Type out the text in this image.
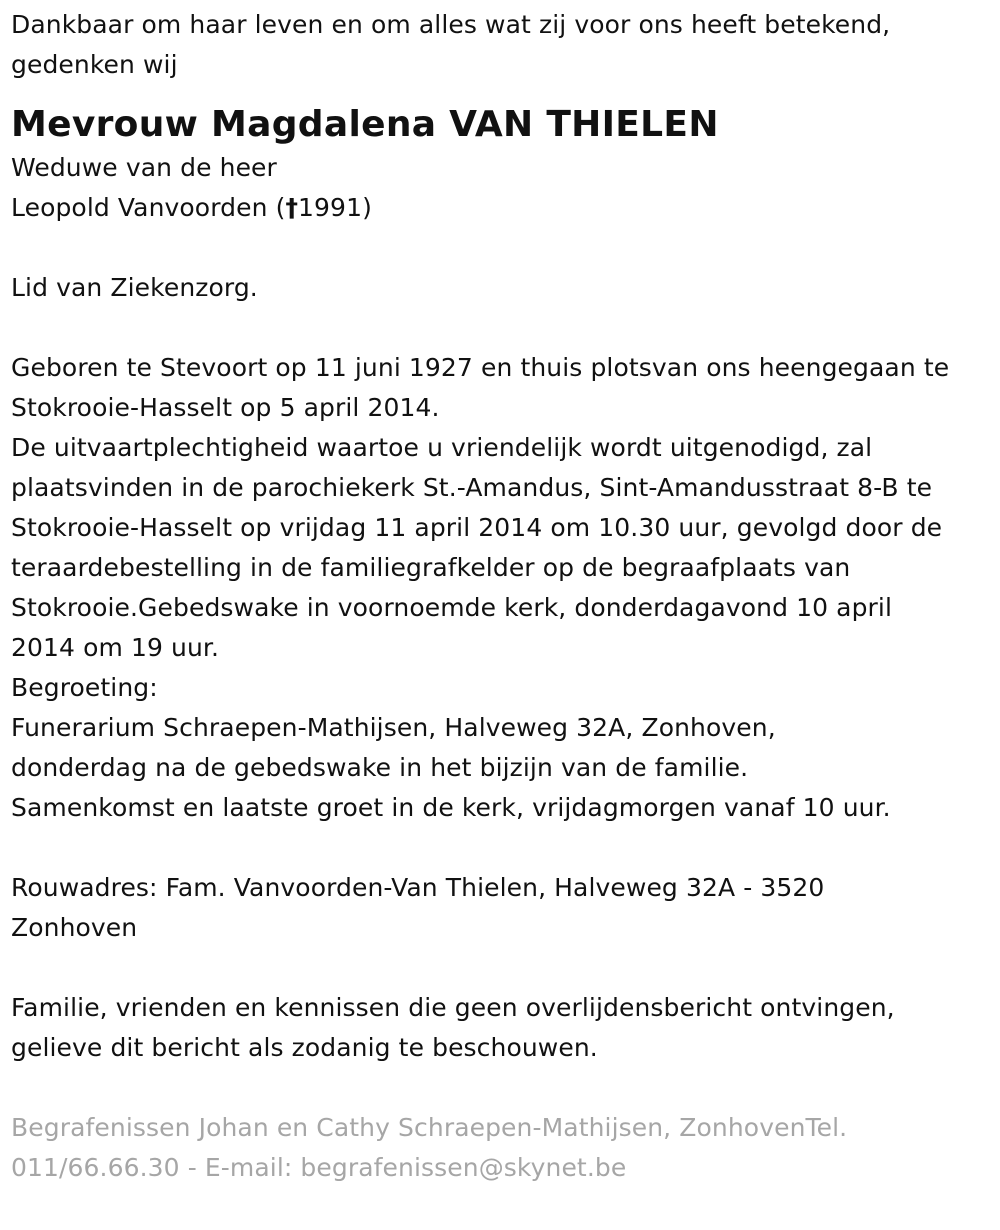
Dankbaar om haar leven en om alles wat zij voor ons heeft betekend,
gedenken wij
Mevrouw Magdalena VAN THIELEN
Weduwe van de heer
Leopold Vanvoorden (†1991)
Lid van Ziekenzorg.
Geboren te Stevoort op 11 juni 1927 en thuis plotsvan ons heengegaan te
Stokrooie-Hasselt op 5 april 2014.
De uitvaartplechtigheid waartoe u vriendelijk wordt uitgenodigd, zal
plaatsvinden in de parochiekerk St.-Amandus, Sint-Amandusstraat 8-B te
Stokrooie-Hasselt op vrijdag 11 april 2014 om 10.30 uur, gevolgd door de
teraardebestelling in de familiegrafkelder op de begraafplaats van
Stokrooie.Gebedswake in voornoemde kerk, donderdagavond 10 april
2014 om 19 uur.
Begroeting:
Funerarium Schraepen-Mathijsen, Halveweg 32A, Zonhoven,
donderdag na de gebedswake in het bijzijn van de familie.
Samenkomst en laatste groet in de kerk, vrijdagmorgen vanaf 10 uur.
Rouwadres: Fam. Vanvoorden-Van Thielen, Halveweg 32A - 3520
Zonhoven
Familie, vrienden en kennissen die geen overlijdensbericht ontvingen,
gelieve dit bericht als zodanig te beschouwen.
Begrafenissen Johan en Cathy Schraepen-Mathijsen, ZonhovenTel.
011/66.66.30 - E-mail: begrafenissen@skynet.be
